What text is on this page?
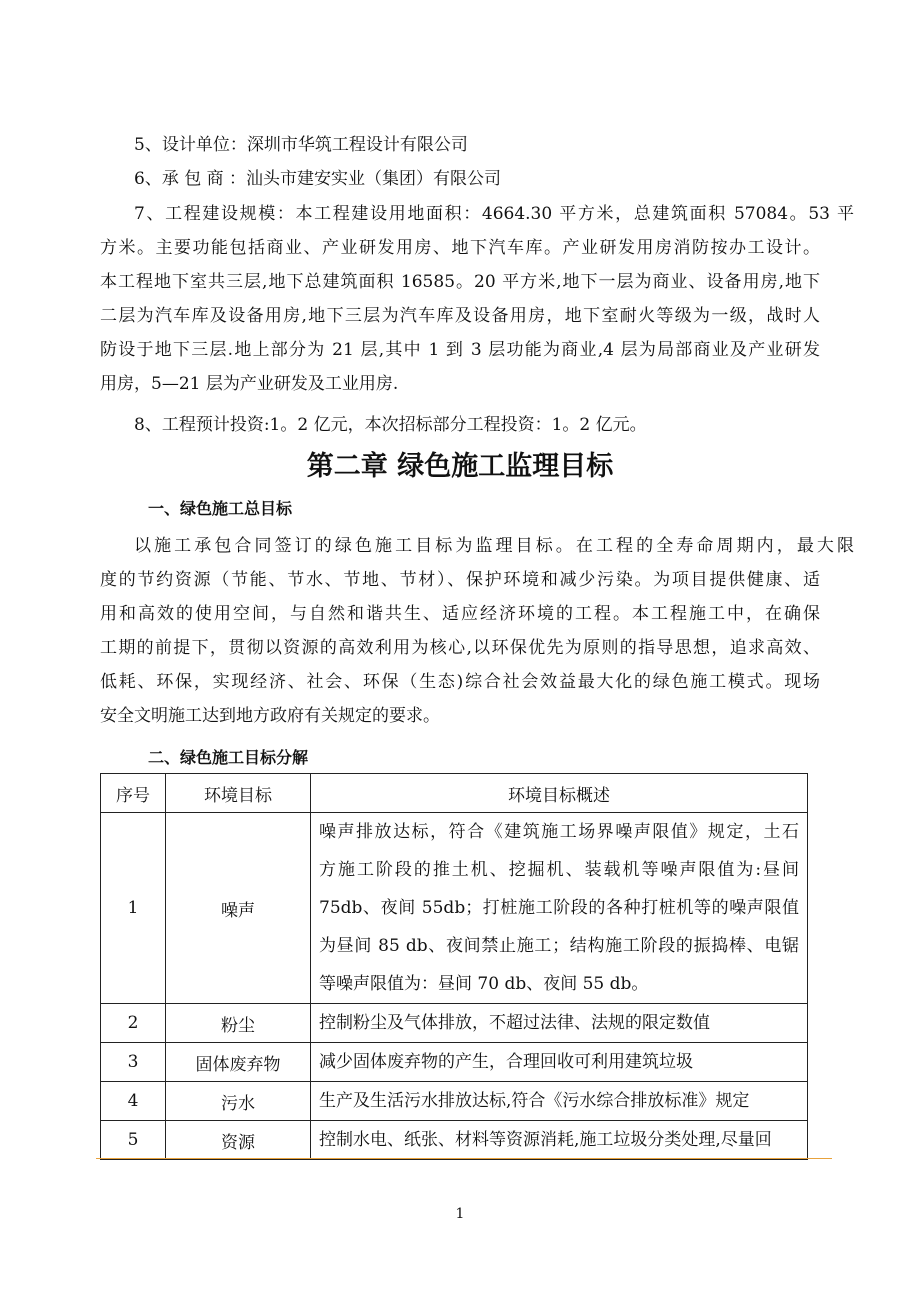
5、设计单位：深圳市华筑工程设计有限公司
6、承 包 商 ：汕头市建安实业（集团）有限公司
7、工程建设规模：本工程建设用地面积：4664.30 平方米，总建筑面积 57084。53 平
方米。主要功能包括商业、产业研发用房、地下汽车库。产业研发用房消防按办工设计。
本工程地下室共三层,地下总建筑面积 16585。20 平方米,地下一层为商业、设备用房,地下
二层为汽车库及设备用房,地下三层为汽车库及设备用房，地下室耐火等级为一级，战时人
防设于地下三层.地上部分为 21 层,其中 1 到 3 层功能为商业,4 层为局部商业及产业研发
用房，5—21 层为产业研发及工业用房.
8、工程预计投资:1。2 亿元，本次招标部分工程投资：1。2 亿元。
第二章 绿色施工监理目标
一、绿色施工总目标
以施工承包合同签订的绿色施工目标为监理目标。在工程的全寿命周期内，最大限
度的节约资源（节能、节水、节地、节材）、保护环境和减少污染。为项目提供健康、适
用和高效的使用空间，与自然和谐共生、适应经济环境的工程。本工程施工中，在确保
工期的前提下，贯彻以资源的高效利用为核心,以环保优先为原则的指导思想，追求高效、
低耗、环保，实现经济、社会、环保（生态)综合社会效益最大化的绿色施工模式。现场
安全文明施工达到地方政府有关规定的要求。
二、绿色施工目标分解
序号	环境目标	环境目标概述
1	噪声	噪声排放达标，符合《建筑施工场界噪声限值》规定，土石
方施工阶段的推土机、挖掘机、装载机等噪声限值为:昼间
75db、夜间 55db；打桩施工阶段的各种打桩机等的噪声限值
为昼间 85 db、夜间禁止施工；结构施工阶段的振捣棒、电锯
等噪声限值为：昼间 70 db、夜间 55 db。

2	粉尘	控制粉尘及气体排放，不超过法律、法规的限定数值
3	固体废弃物	减少固体废弃物的产生，合理回收可利用建筑垃圾
4	污水	生产及生活污水排放达标,符合《污水综合排放标准》规定
5	资源	控制水电、纸张、材料等资源消耗,施工垃圾分类处理,尽量回
1
